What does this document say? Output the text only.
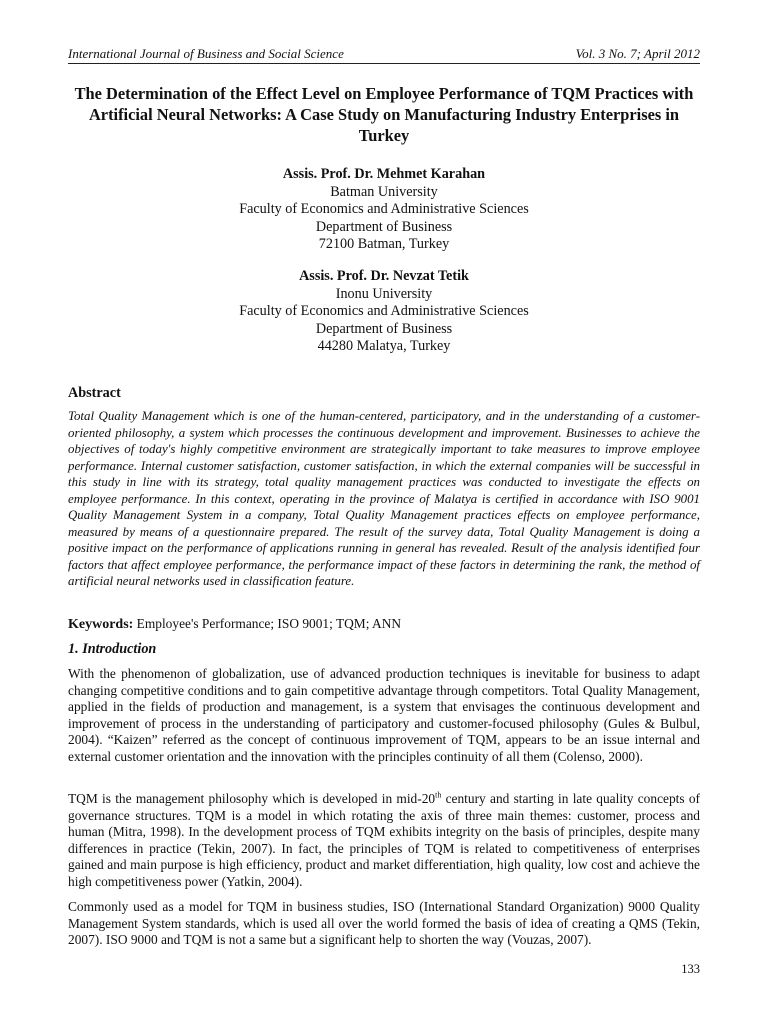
International Journal of Business and Social Science	Vol. 3 No. 7; April 2012
The Determination of the Effect Level on Employee Performance of TQM Practices with Artificial Neural Networks: A Case Study on Manufacturing Industry Enterprises in Turkey
Assis. Prof. Dr. Mehmet Karahan
Batman University
Faculty of Economics and Administrative Sciences
Department of Business
72100 Batman, Turkey
Assis. Prof. Dr. Nevzat Tetik
Inonu University
Faculty of Economics and Administrative Sciences
Department of Business
44280 Malatya, Turkey
Abstract
Total Quality Management which is one of the human-centered, participatory, and in the understanding of a customer-oriented philosophy, a system which processes the continuous development and improvement. Businesses to achieve the objectives of today's highly competitive environment are strategically important to take measures to improve employee performance. Internal customer satisfaction, customer satisfaction, in which the external companies will be successful in this study in line with its strategy, total quality management practices was conducted to investigate the effects on employee performance. In this context, operating in the province of Malatya is certified in accordance with ISO 9001 Quality Management System in a company, Total Quality Management practices effects on employee performance, measured by means of a questionnaire prepared. The result of the survey data, Total Quality Management is doing a positive impact on the performance of applications running in general has revealed. Result of the analysis identified four factors that affect employee performance, the performance impact of these factors in determining the rank, the method of artificial neural networks used in classification feature.
Keywords: Employee's Performance; ISO 9001; TQM; ANN
1. Introduction

With the phenomenon of globalization, use of advanced production techniques is inevitable for business to adapt changing competitive conditions and to gain competitive advantage through competitors. Total Quality Management, applied in the fields of production and management, is a system that envisages the continuous development and improvement of process in the understanding of participatory and customer-focused philosophy (Gules & Bulbul, 2004). “Kaizen” referred as the concept of continuous improvement of TQM, appears to be an issue internal and external customer orientation and the innovation with the principles continuity of all them (Colenso, 2000).

TQM is the management philosophy which is developed in mid-20th century and starting in late quality concepts of governance structures. TQM is a model in which rotating the axis of three main themes: customer, process and human (Mitra, 1998). In the development process of TQM exhibits integrity on the basis of principles, despite many differences in practice (Tekin, 2007). In fact, the principles of TQM is related to competitiveness of enterprises gained and main purpose is high efficiency, product and market differentiation, high quality, low cost and achieve the high competitiveness power (Yatkin, 2004).

Commonly used as a model for TQM in business studies, ISO (International Standard Organization) 9000 Quality Management System standards, which is used all over the world formed the basis of idea of creating a QMS (Tekin, 2007). ISO 9000 and TQM is not a same but a significant help to shorten the way (Vouzas, 2007).

133
